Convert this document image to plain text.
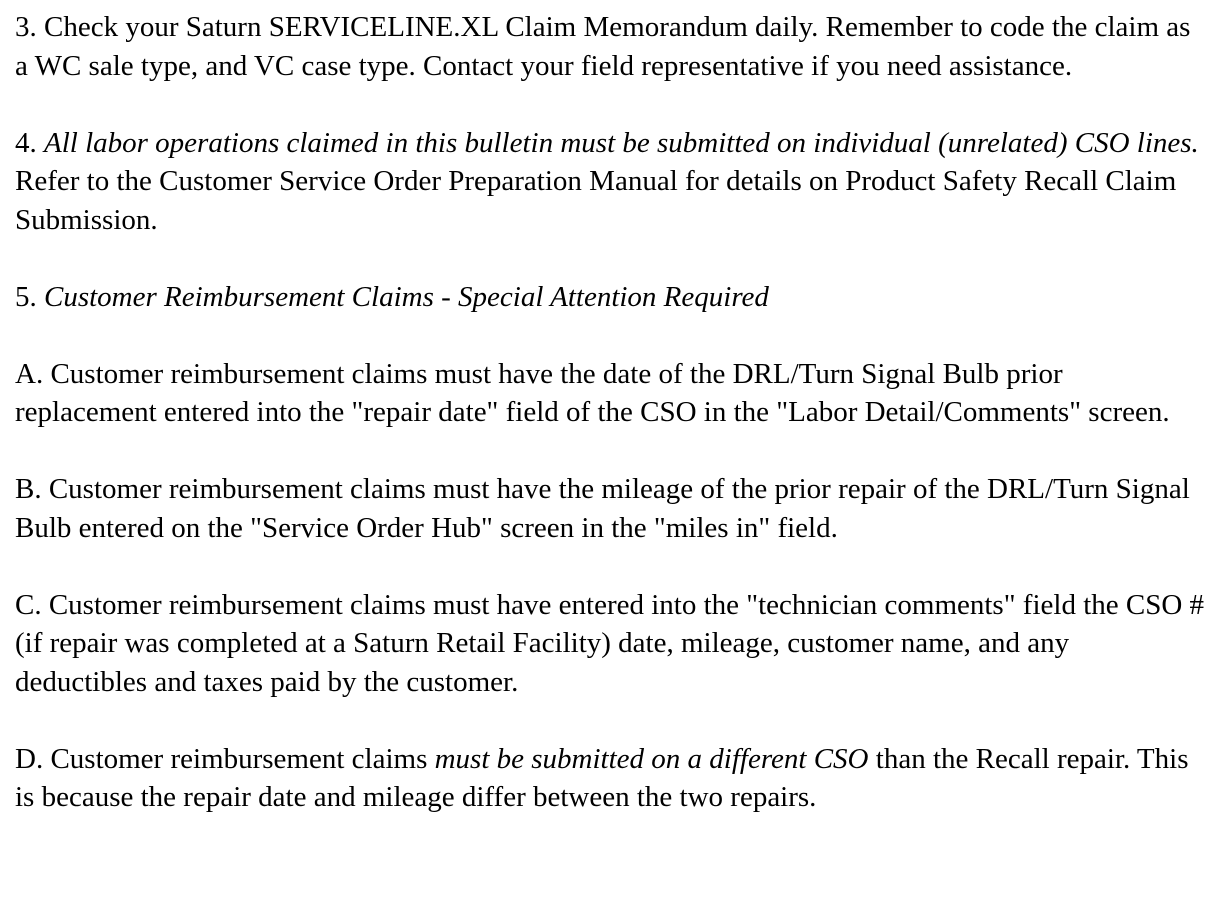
3. Check your Saturn SERVICELINE.XL Claim Memorandum daily. Remember to code the claim as a WC sale type, and VC case type. Contact your field representative if you need assistance.

4. All labor operations claimed in this bulletin must be submitted on individual (unrelated) CSO lines. Refer to the Customer Service Order Preparation Manual for details on Product Safety Recall Claim Submission.

5. Customer Reimbursement Claims - Special Attention Required

A. Customer reimbursement claims must have the date of the DRL/Turn Signal Bulb prior replacement entered into the "repair date" field of the CSO in the "Labor Detail/Comments" screen.

B. Customer reimbursement claims must have the mileage of the prior repair of the DRL/Turn Signal Bulb entered on the "Service Order Hub" screen in the "miles in" field.

C. Customer reimbursement claims must have entered into the "technician comments" field the CSO # (if repair was completed at a Saturn Retail Facility) date, mileage, customer name, and any deductibles and taxes paid by the customer.

D. Customer reimbursement claims must be submitted on a different CSO than the Recall repair. This is because the repair date and mileage differ between the two repairs.
